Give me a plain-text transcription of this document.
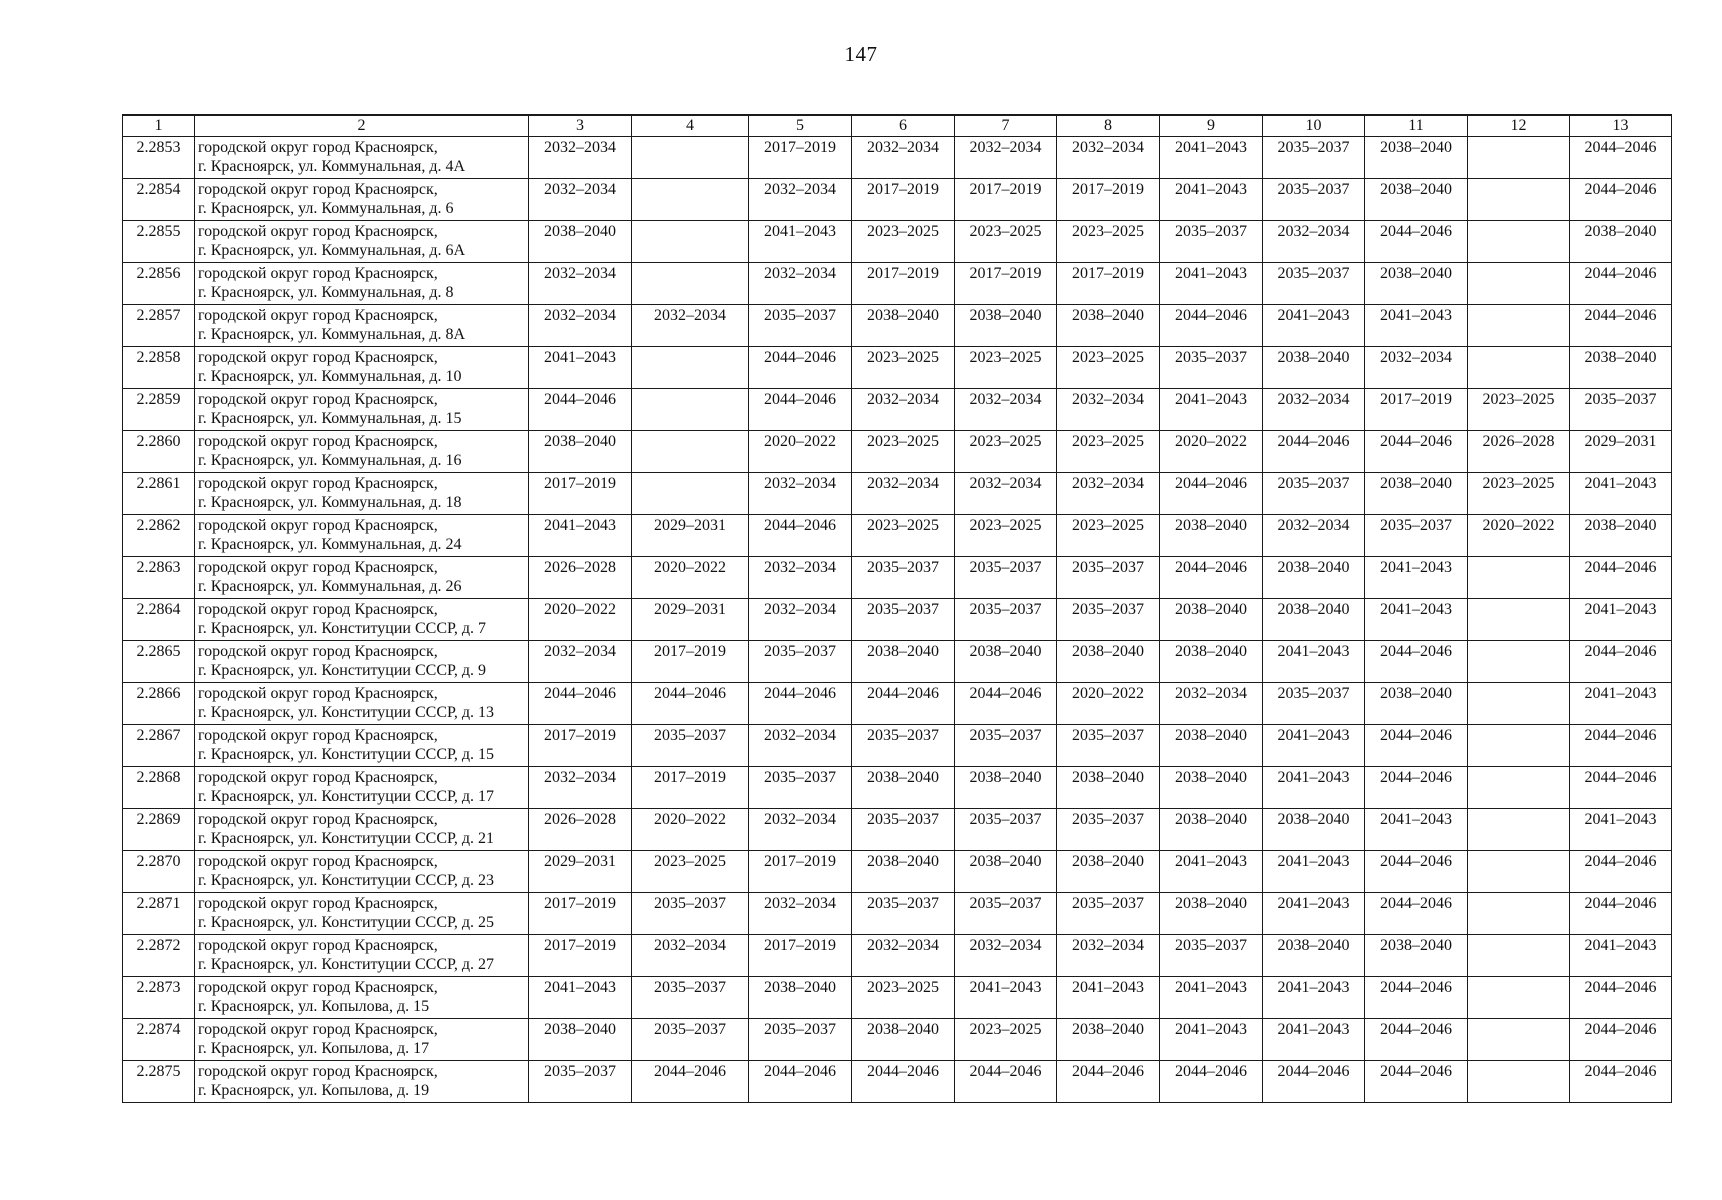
147
1	2	3	4	5	6	7	8	9	10	11	12	13
2.2853	городской округ город Красноярск,
г. Красноярск, ул. Коммунальная, д. 4А	2032–2034		2017–2019	2032–2034	2032–2034	2032–2034	2041–2043	2035–2037	2038–2040		2044–2046
2.2854	городской округ город Красноярск,
г. Красноярск, ул. Коммунальная, д. 6	2032–2034		2032–2034	2017–2019	2017–2019	2017–2019	2041–2043	2035–2037	2038–2040		2044–2046
2.2855	городской округ город Красноярск,
г. Красноярск, ул. Коммунальная, д. 6А	2038–2040		2041–2043	2023–2025	2023–2025	2023–2025	2035–2037	2032–2034	2044–2046		2038–2040
2.2856	городской округ город Красноярск,
г. Красноярск, ул. Коммунальная, д. 8	2032–2034		2032–2034	2017–2019	2017–2019	2017–2019	2041–2043	2035–2037	2038–2040		2044–2046
2.2857	городской округ город Красноярск,
г. Красноярск, ул. Коммунальная, д. 8А	2032–2034	2032–2034	2035–2037	2038–2040	2038–2040	2038–2040	2044–2046	2041–2043	2041–2043		2044–2046
2.2858	городской округ город Красноярск,
г. Красноярск, ул. Коммунальная, д. 10	2041–2043		2044–2046	2023–2025	2023–2025	2023–2025	2035–2037	2038–2040	2032–2034		2038–2040
2.2859	городской округ город Красноярск,
г. Красноярск, ул. Коммунальная, д. 15	2044–2046		2044–2046	2032–2034	2032–2034	2032–2034	2041–2043	2032–2034	2017–2019	2023–2025	2035–2037
2.2860	городской округ город Красноярск,
г. Красноярск, ул. Коммунальная, д. 16	2038–2040		2020–2022	2023–2025	2023–2025	2023–2025	2020–2022	2044–2046	2044–2046	2026–2028	2029–2031
2.2861	городской округ город Красноярск,
г. Красноярск, ул. Коммунальная, д. 18	2017–2019		2032–2034	2032–2034	2032–2034	2032–2034	2044–2046	2035–2037	2038–2040	2023–2025	2041–2043
2.2862	городской округ город Красноярск,
г. Красноярск, ул. Коммунальная, д. 24	2041–2043	2029–2031	2044–2046	2023–2025	2023–2025	2023–2025	2038–2040	2032–2034	2035–2037	2020–2022	2038–2040
2.2863	городской округ город Красноярск,
г. Красноярск, ул. Коммунальная, д. 26	2026–2028	2020–2022	2032–2034	2035–2037	2035–2037	2035–2037	2044–2046	2038–2040	2041–2043		2044–2046
2.2864	городской округ город Красноярск,
г. Красноярск, ул. Конституции СССР, д. 7	2020–2022	2029–2031	2032–2034	2035–2037	2035–2037	2035–2037	2038–2040	2038–2040	2041–2043		2041–2043
2.2865	городской округ город Красноярск,
г. Красноярск, ул. Конституции СССР, д. 9	2032–2034	2017–2019	2035–2037	2038–2040	2038–2040	2038–2040	2038–2040	2041–2043	2044–2046		2044–2046
2.2866	городской округ город Красноярск,
г. Красноярск, ул. Конституции СССР, д. 13	2044–2046	2044–2046	2044–2046	2044–2046	2044–2046	2020–2022	2032–2034	2035–2037	2038–2040		2041–2043
2.2867	городской округ город Красноярск,
г. Красноярск, ул. Конституции СССР, д. 15	2017–2019	2035–2037	2032–2034	2035–2037	2035–2037	2035–2037	2038–2040	2041–2043	2044–2046		2044–2046
2.2868	городской округ город Красноярск,
г. Красноярск, ул. Конституции СССР, д. 17	2032–2034	2017–2019	2035–2037	2038–2040	2038–2040	2038–2040	2038–2040	2041–2043	2044–2046		2044–2046
2.2869	городской округ город Красноярск,
г. Красноярск, ул. Конституции СССР, д. 21	2026–2028	2020–2022	2032–2034	2035–2037	2035–2037	2035–2037	2038–2040	2038–2040	2041–2043		2041–2043
2.2870	городской округ город Красноярск,
г. Красноярск, ул. Конституции СССР, д. 23	2029–2031	2023–2025	2017–2019	2038–2040	2038–2040	2038–2040	2041–2043	2041–2043	2044–2046		2044–2046
2.2871	городской округ город Красноярск,
г. Красноярск, ул. Конституции СССР, д. 25	2017–2019	2035–2037	2032–2034	2035–2037	2035–2037	2035–2037	2038–2040	2041–2043	2044–2046		2044–2046
2.2872	городской округ город Красноярск,
г. Красноярск, ул. Конституции СССР, д. 27	2017–2019	2032–2034	2017–2019	2032–2034	2032–2034	2032–2034	2035–2037	2038–2040	2038–2040		2041–2043
2.2873	городской округ город Красноярск,
г. Красноярск, ул. Копылова, д. 15	2041–2043	2035–2037	2038–2040	2023–2025	2041–2043	2041–2043	2041–2043	2041–2043	2044–2046		2044–2046
2.2874	городской округ город Красноярск,
г. Красноярск, ул. Копылова, д. 17	2038–2040	2035–2037	2035–2037	2038–2040	2023–2025	2038–2040	2041–2043	2041–2043	2044–2046		2044–2046
2.2875	городской округ город Красноярск,
г. Красноярск, ул. Копылова, д. 19	2035–2037	2044–2046	2044–2046	2044–2046	2044–2046	2044–2046	2044–2046	2044–2046	2044–2046		2044–2046
